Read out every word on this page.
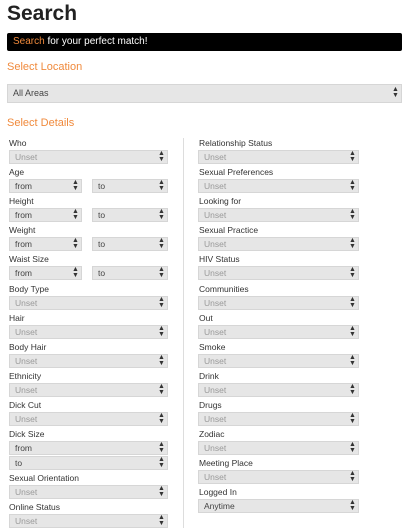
Search
Search for your perfect match!
Select Location
All Areas	▲
▼
Select Details
Who
Unset	▲
▼
Age
from	▲
▼	to	▲
▼
Height
from	▲
▼	to	▲
▼
Weight
from	▲
▼	to	▲
▼
Waist Size
from	▲
▼	to	▲
▼
Body Type
Unset	▲
▼
Hair
Unset	▲
▼
Body Hair
Unset	▲
▼
Ethnicity
Unset	▲
▼
Dick Cut
Unset	▲
▼
Dick Size
from	▲
▼
to	▲
▼
Sexual Orientation
Unset	▲
▼
Online Status
Unset	▲
▼
Relationship Status
Unset	▲
▼
Sexual Preferences
Unset	▲
▼
Looking for
Unset	▲
▼
Sexual Practice
Unset	▲
▼
HIV Status
Unset	▲
▼
Communities
Unset	▲
▼
Out
Unset	▲
▼
Smoke
Unset	▲
▼
Drink
Unset	▲
▼
Drugs
Unset	▲
▼
Zodiac
Unset	▲
▼
Meeting Place
Unset	▲
▼
Logged In
Anytime	▲
▼
